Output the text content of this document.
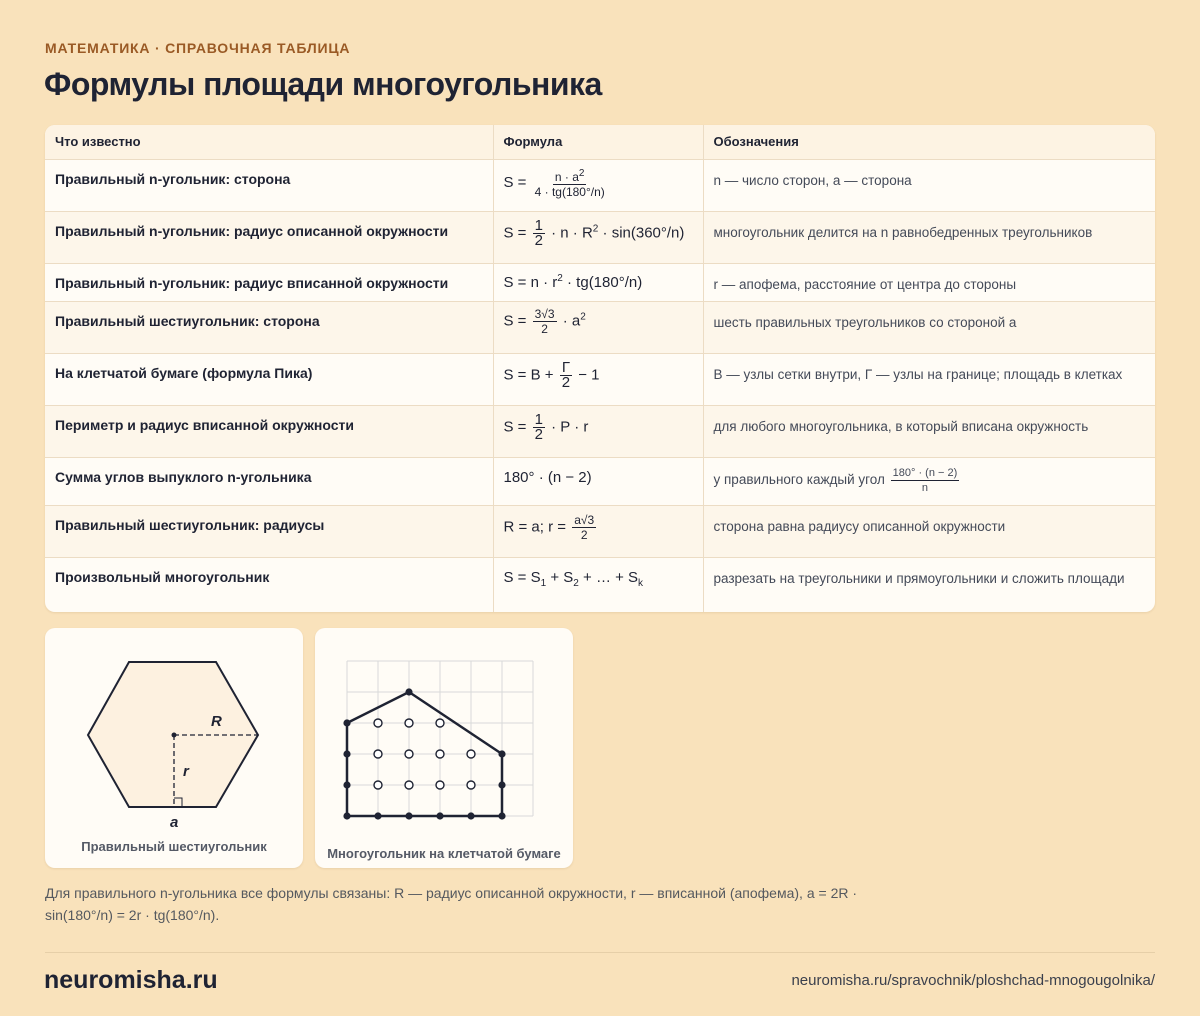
МАТЕМАТИКА · СПРАВОЧНАЯ ТАБЛИЦА
Формулы площади многоугольника
Что известно	Формула	Обозначения
Правильный n-угольник: сторона	$S = \frac{n \cdot a^2}{4 \cdot tg(180^\circ/n)}$	n — число сторон, a — сторона
Правильный n-угольник: радиус описанной окружности	$S = \frac{1}{2} \cdot n \cdot R^2 \cdot \sin(360^\circ/n)$	многоугольник делится на n равнобедренных треугольников
Правильный n-угольник: радиус вписанной окружности	$S = n \cdot r^2 \cdot tg(180^\circ/n)$	r — апофема, расстояние от центра до стороны
Правильный шестиугольник: сторона	$S = \frac{3√3}{2} \cdot a^2$	шесть правильных треугольников со стороной a
На клетчатой бумаге (формула Пика)	$S = В + \frac{Г}{2} - 1$	В — узлы сетки внутри, Г — узлы на границе; площадь в клетках
Периметр и радиус вписанной окружности	$S = \frac{1}{2} \cdot P \cdot r$	для любого многоугольника, в который вписана окружность
Сумма углов выпуклого n-угольника	180° · (n − 2)	у правильного каждый угол $\frac{180^\circ \cdot (n - 2)}{n}$

Правильный шестиугольник: радиусы	R = a; $r = \frac{a√3}{2}$	сторона равна радиусу описанной окружности
Произвольный многоугольник	$S = S_1 + S_2$ + … + $S_k$	разрезать на треугольники и прямоугольники и сложить площади
R
r
a
Правильный шестиугольник	Многоугольник на клетчатой бумаге
Для правильного n-угольника все формулы связаны: R — радиус описанной окружности, r — вписанной (апофема), a = 2R · sin(180°/n) = 2r · tg(180°/n).
neuromisha.ru	neuromisha.ru/spravochnik/ploshchad-mnogougolnika/
